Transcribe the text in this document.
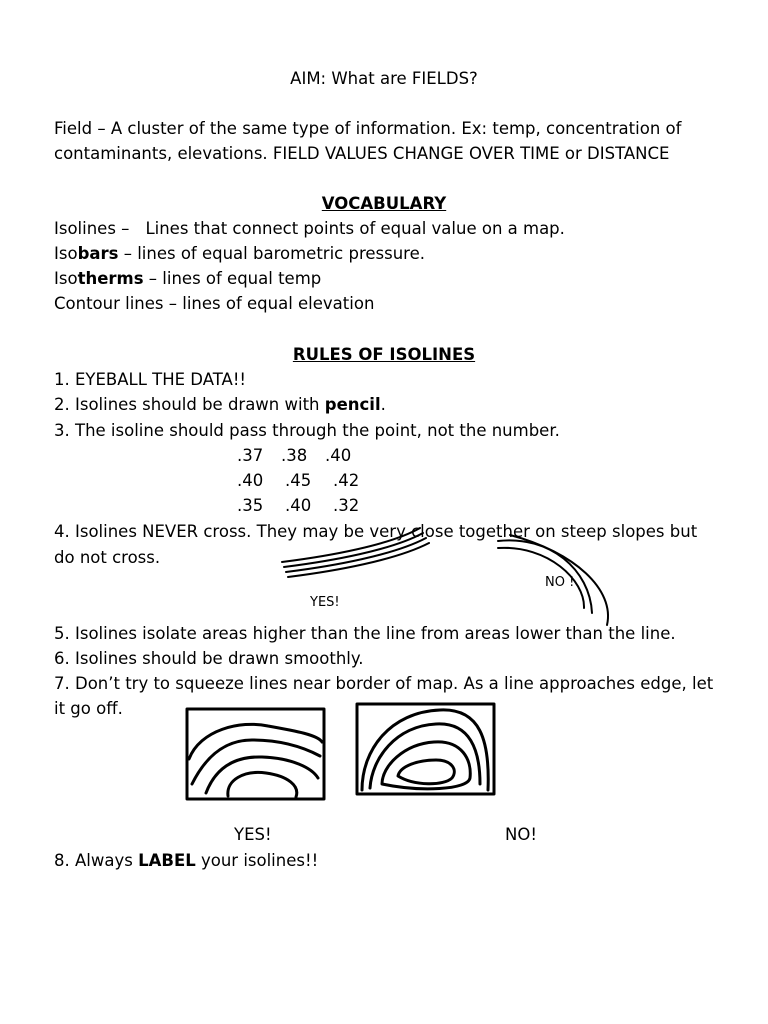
AIM: What are FIELDS?
Field – A cluster of the same type of information. Ex: temp, concentration of
contaminants, elevations. FIELD VALUES CHANGE OVER TIME or DISTANCE
VOCABULARY
Isolines – Lines that connect points of equal value on a map.
Isobars – lines of equal barometric pressure.
Isotherms – lines of equal temp
Contour lines – lines of equal elevation
RULES OF ISOLINES
1. EYEBALL THE DATA!!
2. Isolines should be drawn with pencil.
3. The isoline should pass through the point, not the number.
.37 .38 .40
.40 .45 .42
.35 .40 .32
4. Isolines NEVER cross. They may be very close together on steep slopes but
do not cross.
YES!
NO !
5. Isolines isolate areas higher than the line from areas lower than the line.
6. Isolines should be drawn smoothly.
7. Don’t try to squeeze lines near border of map. As a line approaches edge, let
it go off.
YES!	NO!
8. Always LABEL your isolines!!
